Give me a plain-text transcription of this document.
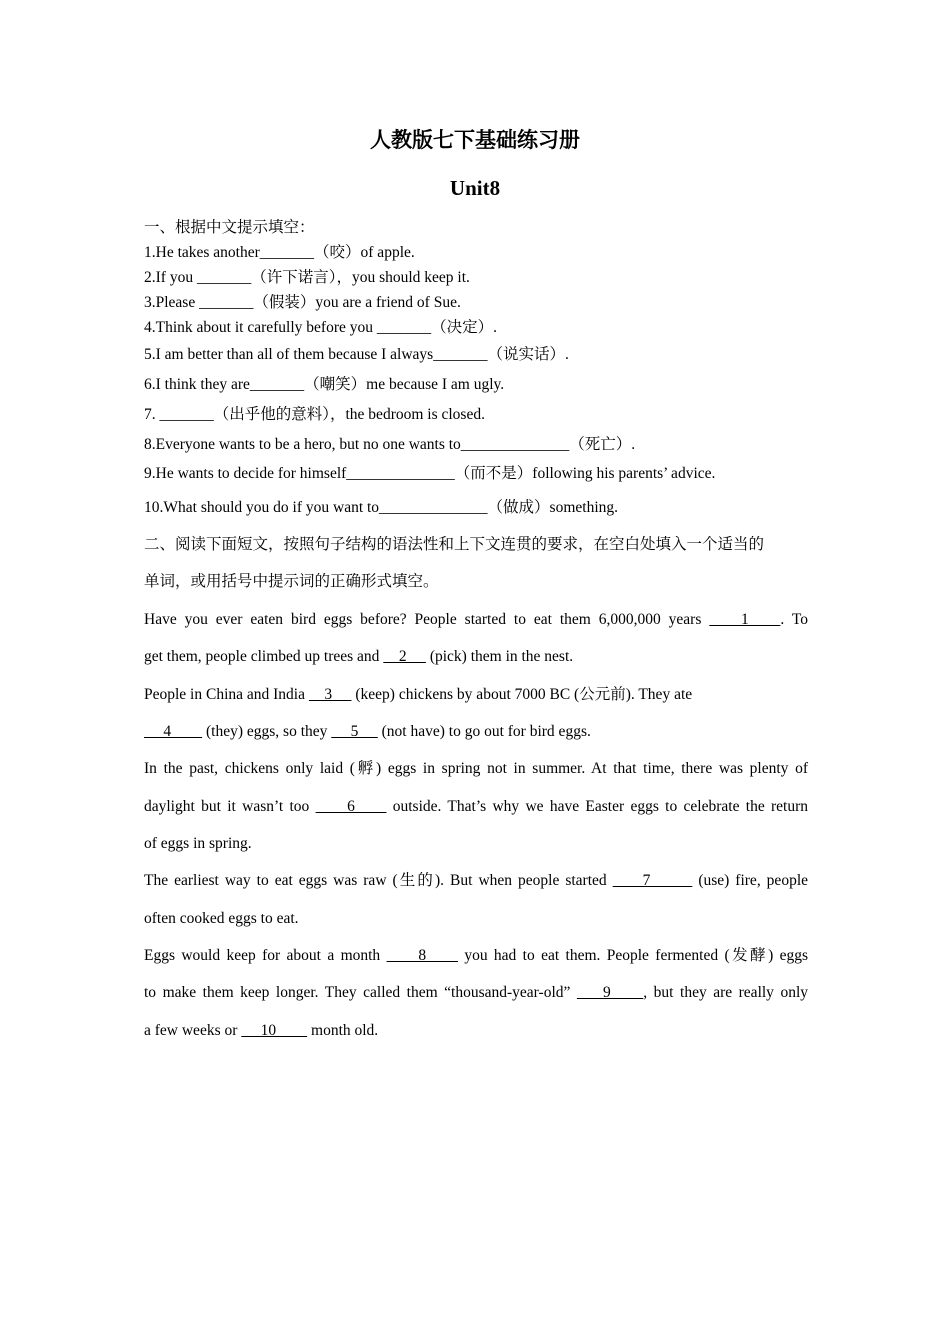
人教版七下基础练习册
Unit8

一、根据中文提示填空：

1.He takes another_______（咬）of apple.

2.If you _______（许下诺言），you should keep it.

3.Please _______（假装）you are a friend of Sue.

4.Think about it carefully before you _______（决定）.

5.I am better than all of them because I always_______（说实话）.

6.I think they are_______（嘲笑）me because I am ugly.

7. _______（出乎他的意料），the bedroom is closed.

8.Everyone wants to be a hero, but no one wants to______________（死亡）.

9.He wants to decide for himself______________（而不是）following his parents’ advice.

10.What should you do if you want to______________（做成）something.

二、阅读下面短文，按照句子结构的语法性和上下文连贯的要求，在空白处填入一个适当的

单词，或用括号中提示词的正确形式填空。

Have you ever eaten bird eggs before? People started to eat them 6,000,000 years     1    . To

get them, people climbed up trees and     2      (pick) them in the nest.

People in China and India     3      (keep) chickens by about 7000 BC (公元前). They ate

4         (they) eggs, so they      5      (not have) to go out for bird eggs.

In the past, chickens only laid (孵) eggs in spring not in summer. At that time, there was plenty of

daylight but it wasn’t too      6      outside. That’s why we have Easter eggs to celebrate the return

of eggs in spring.

The earliest way to eat eggs was raw (生的). But when people started      7        (use) fire, people

often cooked eggs to eat.

Eggs would keep for about a month      8      you had to eat them. People fermented (发酵) eggs

to make them keep longer. They called them “thousand-year-old”     9     , but they are really only

a few weeks or      10         month old.
